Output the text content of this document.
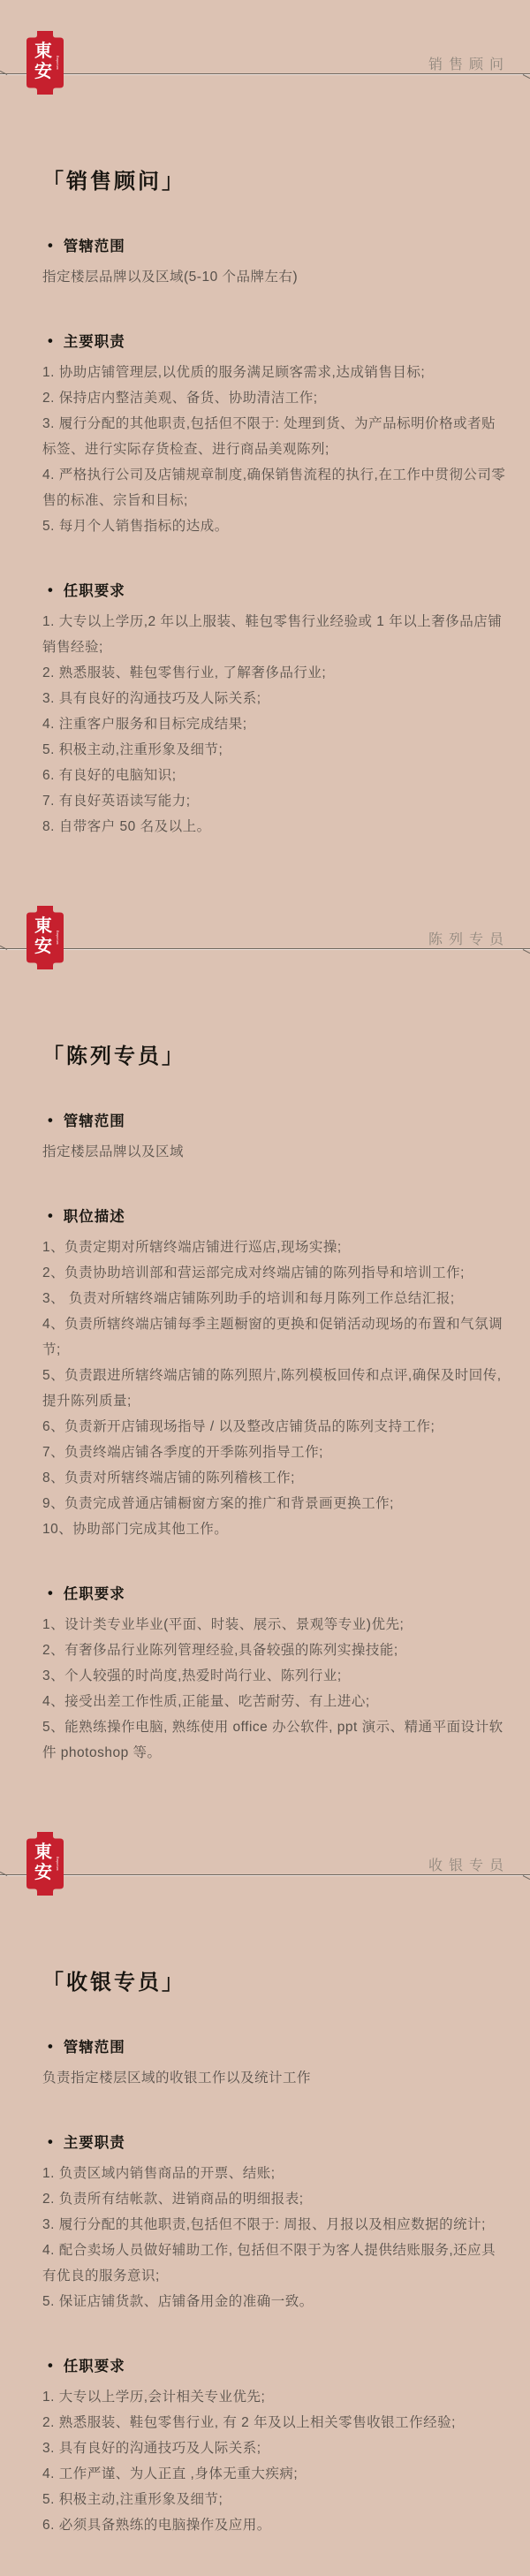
東
安 Emporium	销售顾问
「销售顾问」
• 管辖范围

指定楼层品牌以及区域(5-10 个品牌左右)

• 主要职责

1. 协助店铺管理层,以优质的服务满足顾客需求,达成销售目标;

2. 保持店内整洁美观、备货、协助清洁工作;

3. 履行分配的其他职责,包括但不限于: 处理到货、为产品标明价格或者贴标签、进行实际存货检查、进行商品美观陈列;

4. 严格执行公司及店铺规章制度,确保销售流程的执行,在工作中贯彻公司零售的标准、宗旨和目标;

5. 每月个人销售指标的达成。

• 任职要求

1. 大专以上学历,2 年以上服装、鞋包零售行业经验或 1 年以上奢侈品店铺销售经验;

2. 熟悉服装、鞋包零售行业, 了解奢侈品行业;

3. 具有良好的沟通技巧及人际关系;

4. 注重客户服务和目标完成结果;

5. 积极主动,注重形象及细节;

6. 有良好的电脑知识;

7. 有良好英语读写能力;

8. 自带客户 50 名及以上。

東
安 Emporium	陈列专员
「陈列专员」
• 管辖范围

指定楼层品牌以及区域

• 职位描述

1、负责定期对所辖终端店铺进行巡店,现场实操;

2、负责协助培训部和营运部完成对终端店铺的陈列指导和培训工作;

3、 负责对所辖终端店铺陈列助手的培训和每月陈列工作总结汇报;

4、负责所辖终端店铺每季主题橱窗的更换和促销活动现场的布置和气氛调节;

5、负责跟进所辖终端店铺的陈列照片,陈列模板回传和点评,确保及时回传,提升陈列质量;

6、负责新开店铺现场指导 / 以及整改店铺货品的陈列支持工作;

7、负责终端店铺各季度的开季陈列指导工作;

8、负责对所辖终端店铺的陈列稽核工作;

9、负责完成普通店铺橱窗方案的推广和背景画更换工作;

10、协助部门完成其他工作。

• 任职要求

1、设计类专业毕业(平面、时装、展示、景观等专业)优先;

2、有奢侈品行业陈列管理经验,具备较强的陈列实操技能;

3、个人较强的时尚度,热爱时尚行业、陈列行业;

4、接受出差工作性质,正能量、吃苦耐劳、有上进心;

5、能熟练操作电脑, 熟练使用 office 办公软件, ppt 演示、精通平面设计软件 photoshop 等。

東
安 Emporium	收银专员
「收银专员」
• 管辖范围

负责指定楼层区域的收银工作以及统计工作

• 主要职责

1. 负责区域内销售商品的开票、结账;

2. 负责所有结帐款、进销商品的明细报表;

3. 履行分配的其他职责,包括但不限于: 周报、月报以及相应数据的统计;

4. 配合卖场人员做好辅助工作, 包括但不限于为客人提供结账服务,还应具有优良的服务意识;

5. 保证店铺货款、店铺备用金的准确一致。

• 任职要求

1. 大专以上学历,会计相关专业优先;

2. 熟悉服装、鞋包零售行业, 有 2 年及以上相关零售收银工作经验;

3. 具有良好的沟通技巧及人际关系;

4. 工作严谨、为人正直 ,身体无重大疾病;

5. 积极主动,注重形象及细节;

6. 必须具备熟练的电脑操作及应用。
